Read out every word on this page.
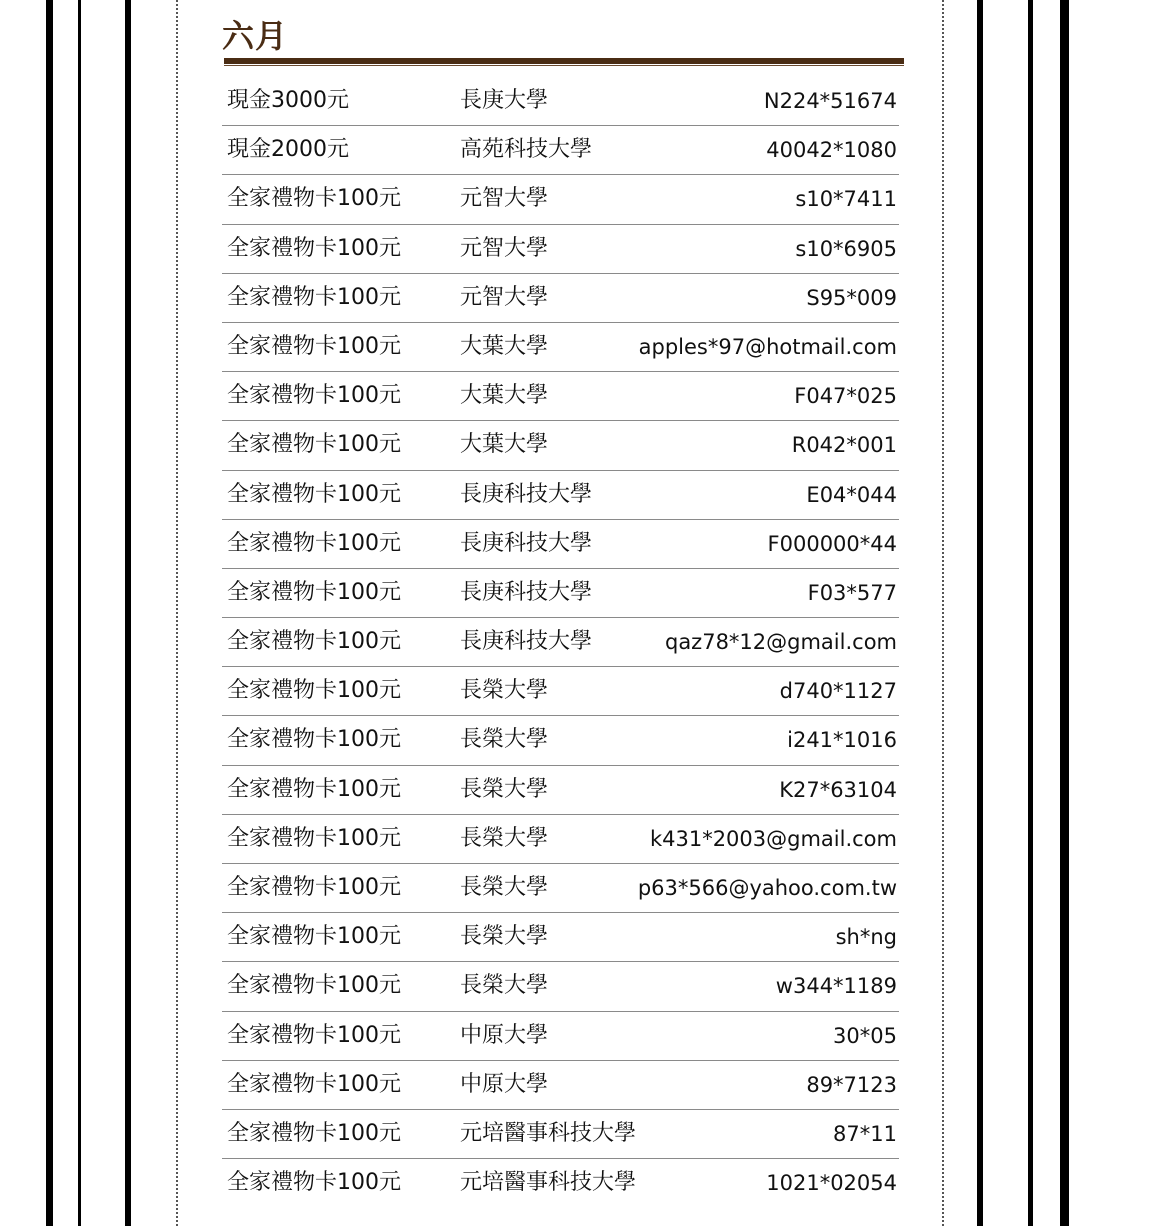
六月
現金3000元	長庚大學	N224*51674
現金2000元	高苑科技大學	40042*1080
全家禮物卡100元	元智大學	s10*7411
全家禮物卡100元	元智大學	s10*6905
全家禮物卡100元	元智大學	S95*009
全家禮物卡100元	大葉大學	apples*97@hotmail.com
全家禮物卡100元	大葉大學	F047*025
全家禮物卡100元	大葉大學	R042*001
全家禮物卡100元	長庚科技大學	E04*044
全家禮物卡100元	長庚科技大學	F000000*44
全家禮物卡100元	長庚科技大學	F03*577
全家禮物卡100元	長庚科技大學	qaz78*12@gmail.com
全家禮物卡100元	長榮大學	d740*1127
全家禮物卡100元	長榮大學	i241*1016
全家禮物卡100元	長榮大學	K27*63104
全家禮物卡100元	長榮大學	k431*2003@gmail.com
全家禮物卡100元	長榮大學	p63*566@yahoo.com.tw
全家禮物卡100元	長榮大學	sh*ng
全家禮物卡100元	長榮大學	w344*1189
全家禮物卡100元	中原大學	30*05
全家禮物卡100元	中原大學	89*7123
全家禮物卡100元	元培醫事科技大學	87*11
全家禮物卡100元	元培醫事科技大學	1021*02054
